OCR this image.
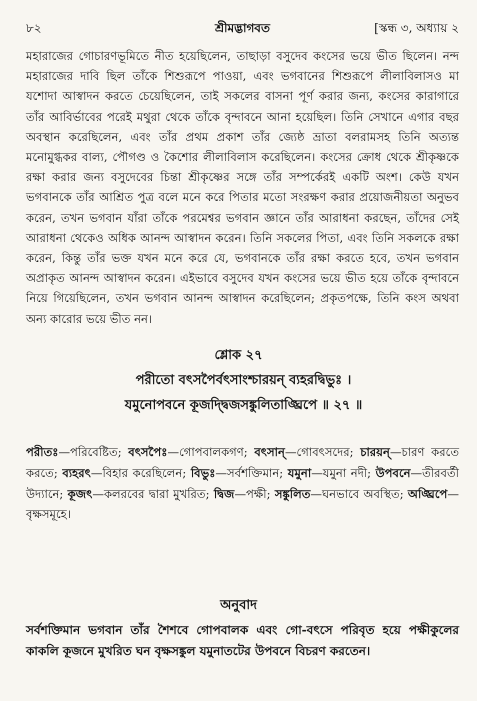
৮২	শ্রীমদ্ভাগবত	[স্কন্ধ ৩, অধ্যায় ২
মহারাজের গোচারণভূমিতে নীত হয়েছিলেন, তাছাড়া বসুদেব কংসের ভয়ে ভীত ছিলেন। নন্দ মহারাজের দাবি ছিল তাঁকে শিশুরূপে পাওয়া, এবং ভগবানের শিশুরূপে লীলাবিলাসও মা যশোদা আস্বাদন করতে চেয়েছিলেন, তাই সকলের বাসনা পূর্ণ করার জন্য, কংসের কারাগারে তাঁর আবির্ভাবের পরেই মথুরা থেকে তাঁকে বৃন্দাবনে আনা হয়েছিল। তিনি সেখানে এগার বছর অবস্থান করেছিলেন, এবং তাঁর প্রথম প্রকাশ তাঁর জ্যেষ্ঠ ভ্রাতা বলরামসহ তিনি অত্যন্ত মনোমুগ্ধকর বাল্য, পৌগণ্ড ও কৈশোর লীলাবিলাস করেছিলেন। কংসের ক্রোধ থেকে শ্রীকৃষ্ণকে রক্ষা করার জন্য বসুদেবের চিন্তা শ্রীকৃষ্ণের সঙ্গে তাঁর সম্পর্কেরই একটি অংশ। কেউ যখন ভগবানকে তাঁর আশ্রিত পুত্র বলে মনে করে পিতার মতো সংরক্ষণ করার প্রয়োজনীয়তা অনুভব করেন, তখন ভগবান যাঁরা তাঁকে পরমেশ্বর ভগবান জ্ঞানে তাঁর আরাধনা করছেন, তাঁদের সেই আরাধনা থেকেও অধিক আনন্দ আস্বাদন করেন। তিনি সকলের পিতা, এবং তিনি সকলকে রক্ষা করেন, কিন্তু তাঁর ভক্ত যখন মনে করে যে, ভগবানকে তাঁর রক্ষা করতে হবে, তখন ভগবান অপ্রাকৃত আনন্দ আস্বাদন করেন। এইভাবে বসুদেব যখন কংসের ভয়ে ভীত হয়ে তাঁকে বৃন্দাবনে নিয়ে গিয়েছিলেন, তখন ভগবান আনন্দ আস্বাদন করেছিলেন; প্রকৃতপক্ষে, তিনি কংস অথবা অন্য কারোর ভয়ে ভীত নন।
শ্লোক ২৭
পরীতো বৎসপৈর্বৎসাংশ্চারয়ন্ ব্যহরদ্বিভুঃ ।
যমুনোপবনে কূজদ্দ্বিজসঙ্কুলিতাঙ্ঘ্রিপে ॥ ২৭ ॥
পরীতঃ—পরিবেষ্টিত; বৎসপৈঃ—গোপবালকগণ; বৎসান্—গোবৎসদের; চারয়ন্—চারণ করতে করতে; ব্যহরৎ—বিহার করেছিলেন; বিভুঃ—সর্বশক্তিমান; যমুনা—যমুনা নদী; উপবনে—তীরবর্তী উদ্যানে; কূজৎ—কলরবের দ্বারা মুখরিত; দ্বিজ—পক্ষী; সঙ্কুলিত—ঘনভাবে অবস্থিত; অঙ্ঘ্রিপে—বৃক্ষসমূহে।
অনুবাদ
সর্বশক্তিমান ভগবান তাঁর শৈশবে গোপবালক এবং গো-বৎসে পরিবৃত হয়ে পক্ষীকুলের কাকলি কূজনে মুখরিত ঘন বৃক্ষসঙ্কুল যমুনাতটের উপবনে বিচরণ করতেন।
